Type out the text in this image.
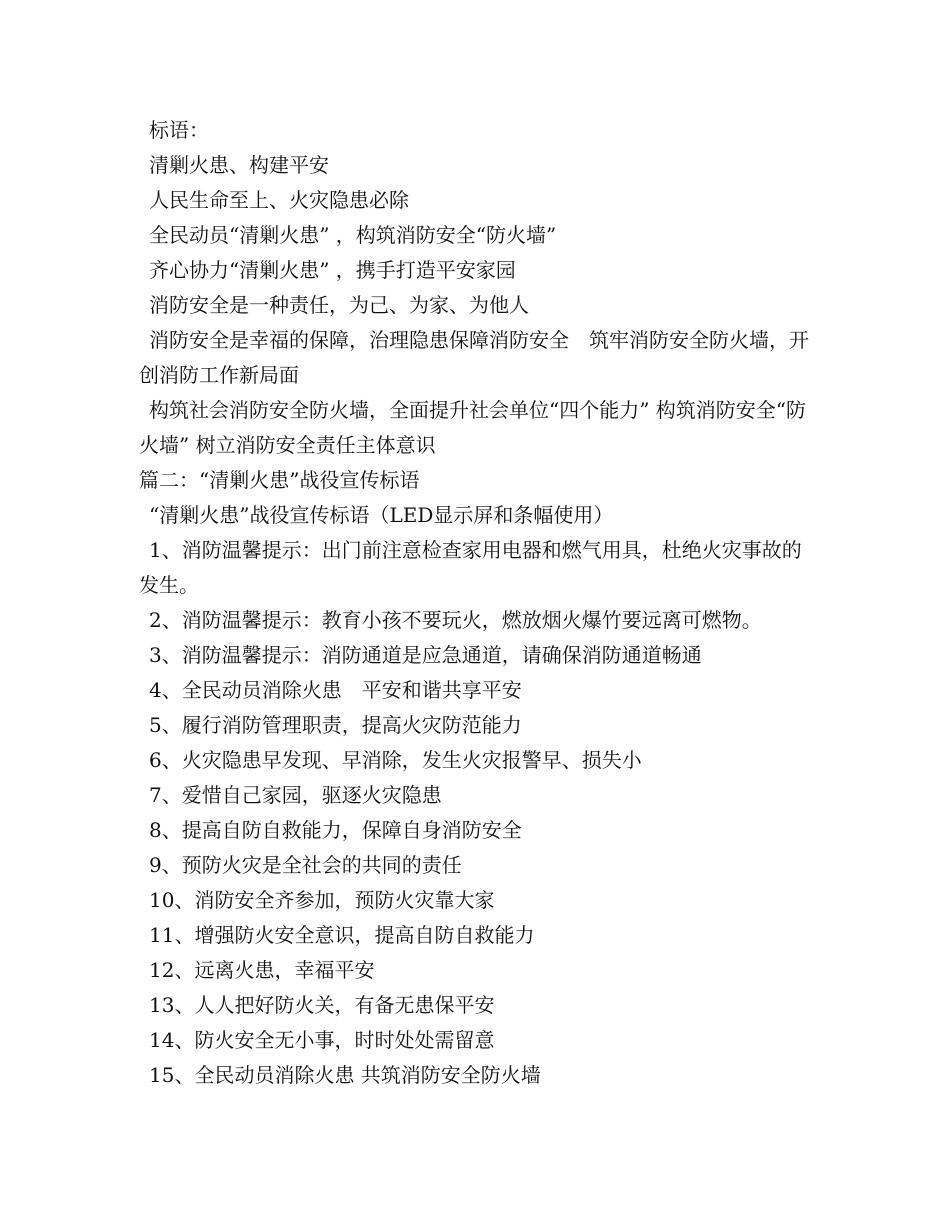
标语：

清剿火患、构建平安

人民生命至上、火灾隐患必除

全民动员“清剿火患” ，构筑消防安全“防火墙”

齐心协力“清剿火患” ，携手打造平安家园

消防安全是一种责任，为己、为家、为他人

消防安全是幸福的保障，治理隐患保障消防安全　筑牢消防安全防火墙，开创消防工作新局面

构筑社会消防安全防火墙，全面提升社会单位“四个能力” 构筑消防安全“防火墙” 树立消防安全责任主体意识

篇二：“清剿火患”战役宣传标语

“清剿火患”战役宣传标语（LED显示屏和条幅使用）

1、消防温馨提示：出门前注意检查家用电器和燃气用具，杜绝火灾事故的发生。

2、消防温馨提示：教育小孩不要玩火，燃放烟火爆竹要远离可燃物。

3、消防温馨提示：消防通道是应急通道，请确保消防通道畅通

4、全民动员消除火患　平安和谐共享平安

5、履行消防管理职责，提高火灾防范能力

6、火灾隐患早发现、早消除，发生火灾报警早、损失小

7、爱惜自己家园，驱逐火灾隐患

8、提高自防自救能力，保障自身消防安全

9、预防火灾是全社会的共同的责任

10、消防安全齐参加，预防火灾靠大家

11、增强防火安全意识，提高自防自救能力

12、远离火患，幸福平安

13、人人把好防火关，有备无患保平安

14、防火安全无小事，时时处处需留意

15、全民动员消除火患 共筑消防安全防火墙
